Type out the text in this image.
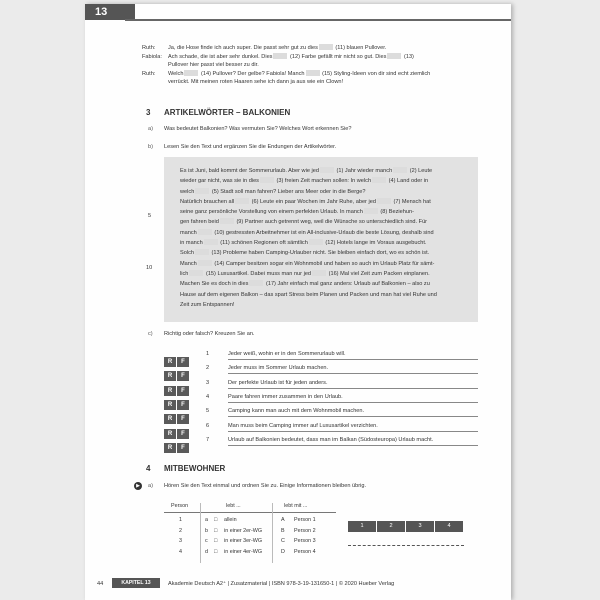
13
Ruth: Ja, die Hose finde ich auch super. Die passt sehr gut zu dies	(11) blauen Pullover.
Fabiola: Ach schade, die ist aber sehr dunkel. Dies	(12) Farbe gefällt mir nicht so gut. Dies	(13)
Pullover hier passt viel besser zu dir.
Ruth: Welch	(14) Pullover? Der gelbe? Fabiola! Manch	(15) Styling-Ideen von dir sind echt ziemlich
verrückt. Mit meinen roten Haaren sehe ich dann ja aus wie ein Clown!
3 ARTIKELWÖRTER – BALKONIEN
a) Was bedeutet Balkonien? Was vermuten Sie? Welches Wort erkennen Sie?
b) Lesen Sie den Text und ergänzen Sie die Endungen der Artikelwörter.
5
10
Es ist Juni, bald kommt der Sommerurlaub. Aber wie jed	(1) Jahr wieder manch	(2) Leute
wieder gar nicht, was sie in dies	(3) freien Zeit machen sollen: In welch	(4) Land oder in
welch	(5) Stadt soll man fahren? Lieber ans Meer oder in die Berge?
Natürlich brauchen all	(6) Leute ein paar Wochen im Jahr Ruhe, aber jed	(7) Mensch hat
seine ganz persönliche Vorstellung von einem perfekten Urlaub. In manch	(8) Beziehun-
gen fahren beid	(9) Partner auch getrennt weg, weil die Wünsche so unterschiedlich sind. Für
manch	(10) gestressten Arbeitnehmer ist ein All-inclusive-Urlaub die beste Lösung, deshalb sind
in manch	(11) schönen Regionen oft sämtlich	(12) Hotels lange im Voraus ausgebucht.
Solch	(13) Probleme haben Camping-Urlauber nicht. Sie bleiben einfach dort, wo es schön ist.
Manch	(14) Camper besitzen sogar ein Wohnmobil und haben so auch im Urlaub Platz für sämt-
lich	(15) Luxusartikel. Dabei muss man nur jed	(16) Mal viel Zeit zum Packen einplanen.
Machen Sie es doch in dies	(17) Jahr einfach mal ganz anders: Urlaub auf Balkonien – also zu
Hause auf dem eigenen Balkon – das spart Stress beim Planen und Packen und man hat viel Ruhe und
Zeit zum Entspannen!
c) Richtig oder falsch? Kreuzen Sie an.
R F
1	Jeder weiß, wohin er in den Sommerurlaub will.
R F
2	Jeder muss im Sommer Urlaub machen.
R F
3	Der perfekte Urlaub ist für jeden anders.
R F
4	Paare fahren immer zusammen in den Urlaub.
R F
5	Camping kann man auch mit dem Wohnmobil machen.
R F
6	Man muss beim Camping immer auf Luxusartikel verzichten.
R F
7	Urlaub auf Balkonien bedeutet, dass man im Balkan (Südosteuropa) Urlaub macht.
4 MITBEWOHNER
▶	a) Hören Sie den Text einmal und ordnen Sie zu. Einige Informationen bleiben übrig.
Person	lebt ...	lebt mit ...
1	a □ allein	A Person 1
2	b □ in einer 2er-WG	B Person 2
3	c □ in einer 3er-WG	C Person 3
4	d □ in einer 4er-WG	D Person 4
1	2	3	4
44	KAPITEL 13	Akademie Deutsch A2⁺ | Zusatzmaterial | ISBN 978-3-19-131650-1 | © 2020 Hueber Verlag
